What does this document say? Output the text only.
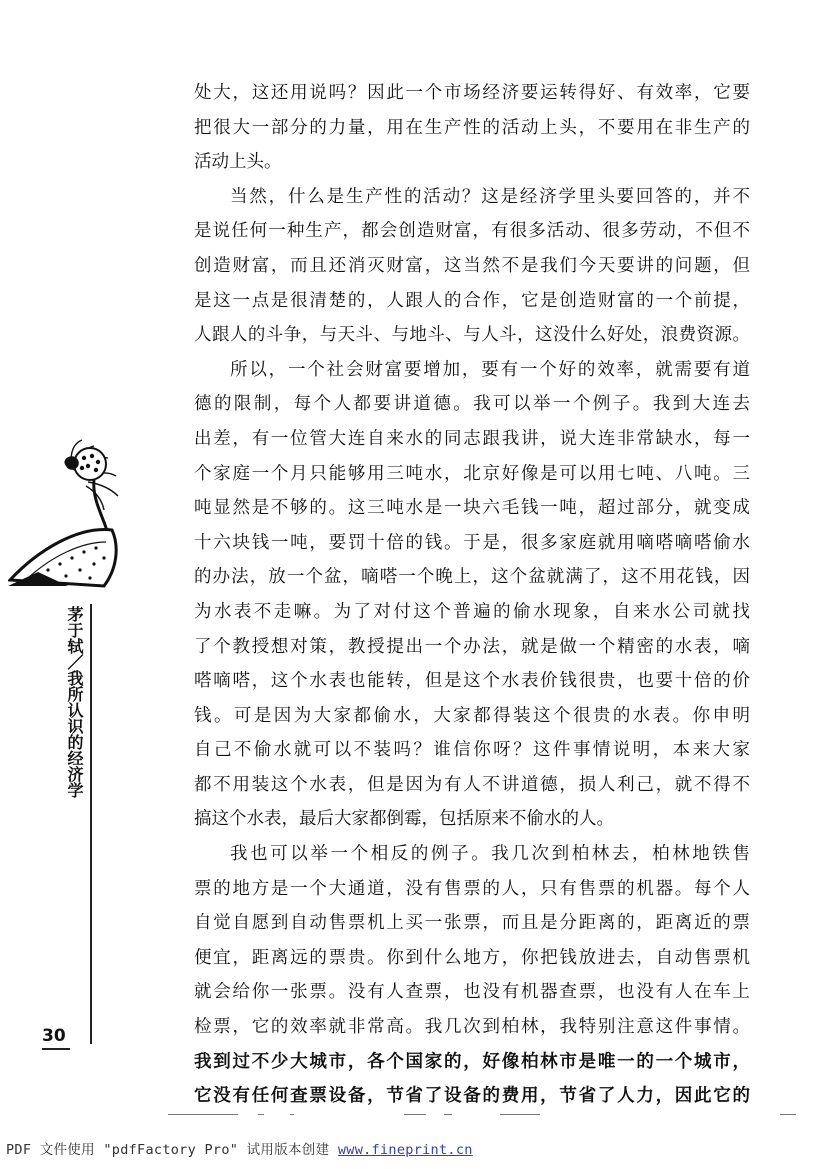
茅于轼／我所认识的经济学
处大，这还用说吗？因此一个市场经济要运转得好、有效率，它要
把很大一部分的力量，用在生产性的活动上头，不要用在非生产的
活动上头。
当然，什么是生产性的活动？这是经济学里头要回答的，并不
是说任何一种生产，都会创造财富，有很多活动、很多劳动，不但不
创造财富，而且还消灭财富，这当然不是我们今天要讲的问题，但
是这一点是很清楚的，人跟人的合作，它是创造财富的一个前提，
人跟人的斗争，与天斗、与地斗、与人斗，这没什么好处，浪费资源。
所以，一个社会财富要增加，要有一个好的效率，就需要有道
德的限制，每个人都要讲道德。我可以举一个例子。我到大连去
出差，有一位管大连自来水的同志跟我讲，说大连非常缺水，每一
个家庭一个月只能够用三吨水，北京好像是可以用七吨、八吨。三
吨显然是不够的。这三吨水是一块六毛钱一吨，超过部分，就变成
十六块钱一吨，要罚十倍的钱。于是，很多家庭就用嘀嗒嘀嗒偷水
的办法，放一个盆，嘀嗒一个晚上，这个盆就满了，这不用花钱，因
为水表不走嘛。为了对付这个普遍的偷水现象，自来水公司就找
了个教授想对策，教授提出一个办法，就是做一个精密的水表，嘀
嗒嘀嗒，这个水表也能转，但是这个水表价钱很贵，也要十倍的价
钱。可是因为大家都偷水，大家都得装这个很贵的水表。你申明
自己不偷水就可以不装吗？谁信你呀？这件事情说明，本来大家
都不用装这个水表，但是因为有人不讲道德，损人利己，就不得不
搞这个水表，最后大家都倒霉，包括原来不偷水的人。
我也可以举一个相反的例子。我几次到柏林去，柏林地铁售
票的地方是一个大通道，没有售票的人，只有售票的机器。每个人
自觉自愿到自动售票机上买一张票，而且是分距离的，距离近的票
便宜，距离远的票贵。你到什么地方，你把钱放进去，自动售票机
就会给你一张票。没有人查票，也没有机器查票，也没有人在车上
检票，它的效率就非常高。我几次到柏林，我特别注意这件事情。
我到过不少大城市，各个国家的，好像柏林市是唯一的一个城市，
它没有任何查票设备，节省了设备的费用，节省了人力，因此它的
30
PDF 文件使用 "pdfFactory Pro" 试用版本创建 www.fineprint.cn
